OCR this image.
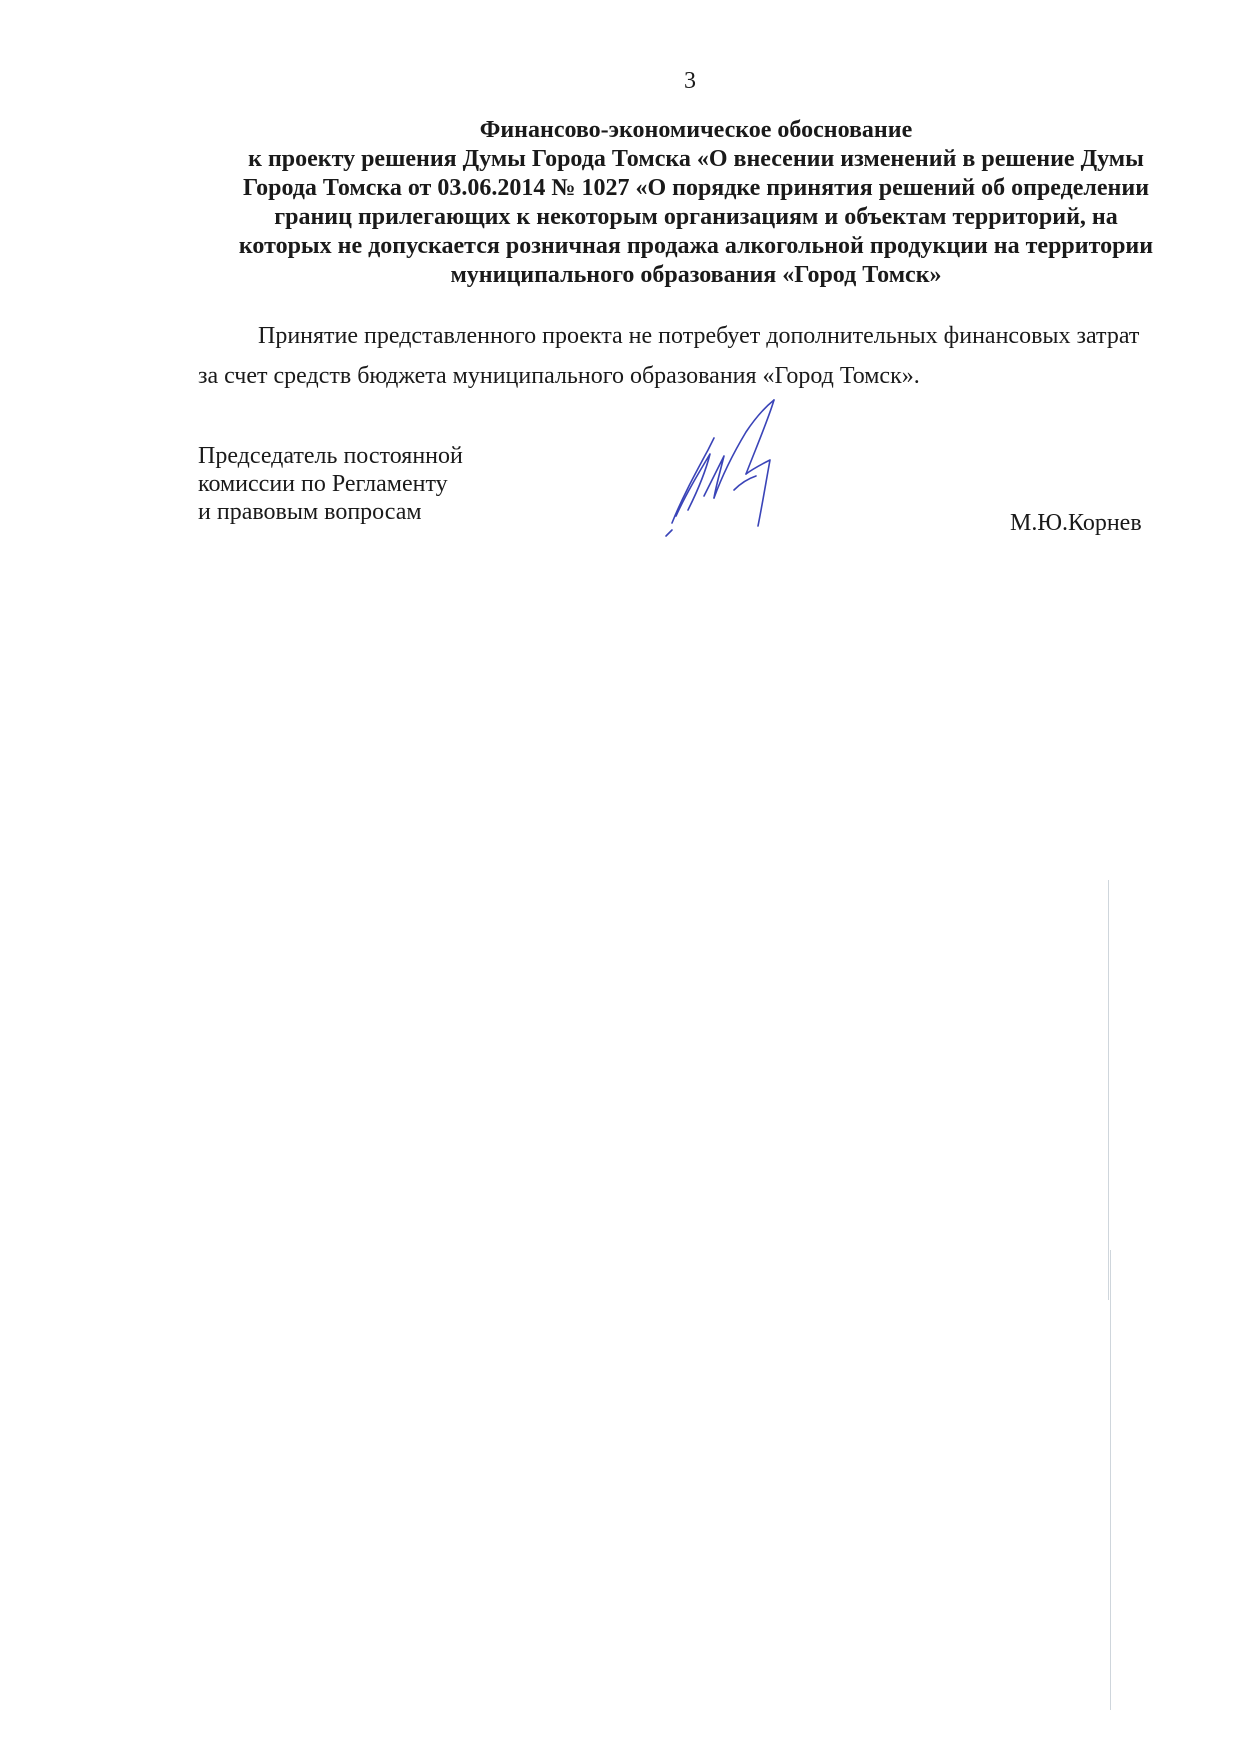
3
Финансово-экономическое обоснование
к проекту решения Думы Города Томска «О внесении изменений в решение Думы
Города Томска от 03.06.2014 № 1027 «О порядке принятия решений об определении
границ прилегающих к некоторым организациям и объектам территорий, на
которых не допускается розничная продажа алкогольной продукции на территории
муниципального образования «Город Томск»
Принятие представленного проекта не потребует дополнительных финансовых затрат
за счет средств бюджета муниципального образования «Город Томск».
Председатель постоянной
комиссии по Регламенту
и правовым вопросам	М.Ю.Корнев
